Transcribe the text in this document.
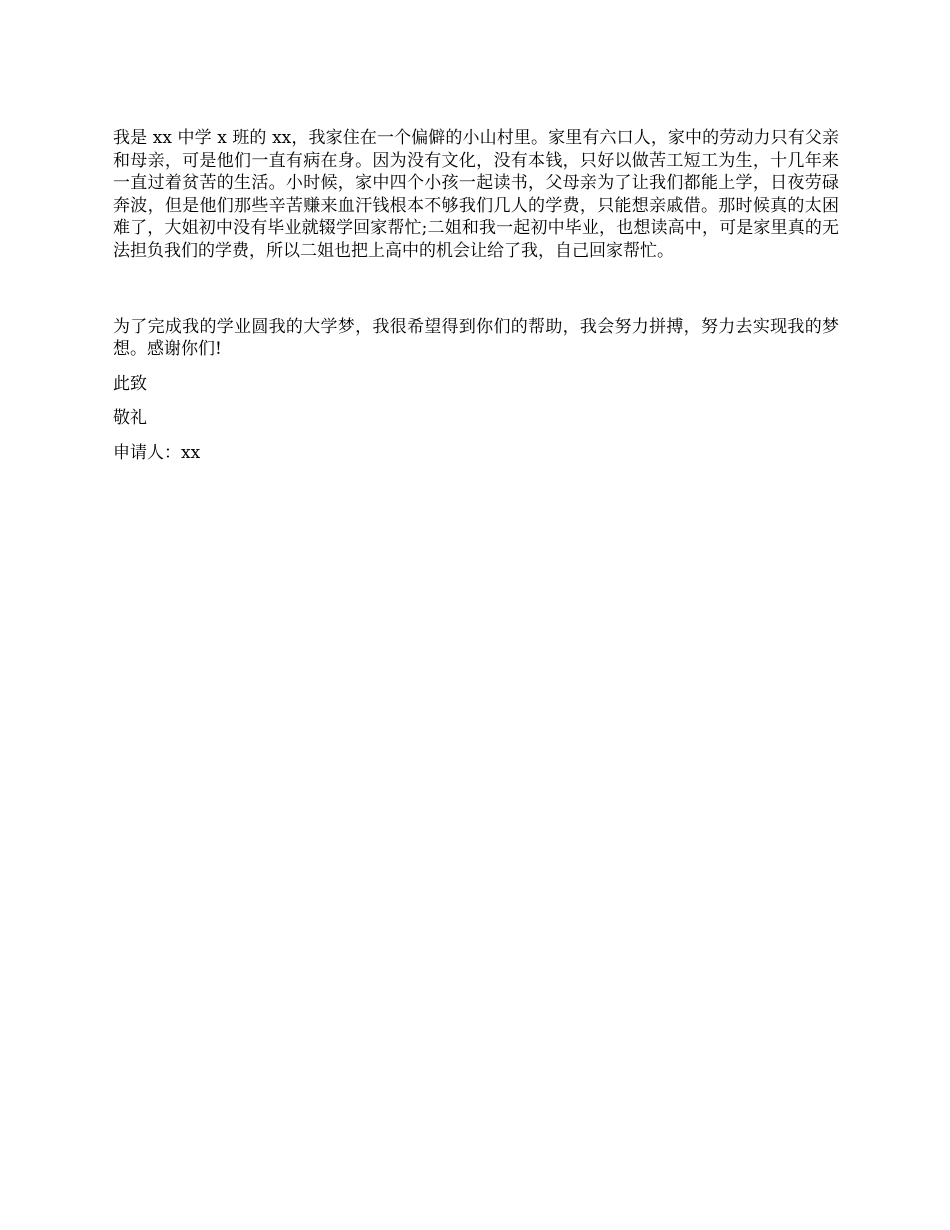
我是 xx 中学 x 班的 xx，我家住在一个偏僻的小山村里。家里有六口人，家中的劳动力只有父亲和母亲，可是他们一直有病在身。因为没有文化，没有本钱，只好以做苦工短工为生，十几年来一直过着贫苦的生活。小时候，家中四个小孩一起读书，父母亲为了让我们都能上学，日夜劳碌奔波，但是他们那些辛苦赚来血汗钱根本不够我们几人的学费，只能想亲戚借。那时候真的太困难了，大姐初中没有毕业就辍学回家帮忙;二姐和我一起初中毕业，也想读高中，可是家里真的无法担负我们的学费，所以二姐也把上高中的机会让给了我，自己回家帮忙。

为了完成我的学业圆我的大学梦，我很希望得到你们的帮助，我会努力拼搏，努力去实现我的梦想。感谢你们!

此致

敬礼

申请人：xx
